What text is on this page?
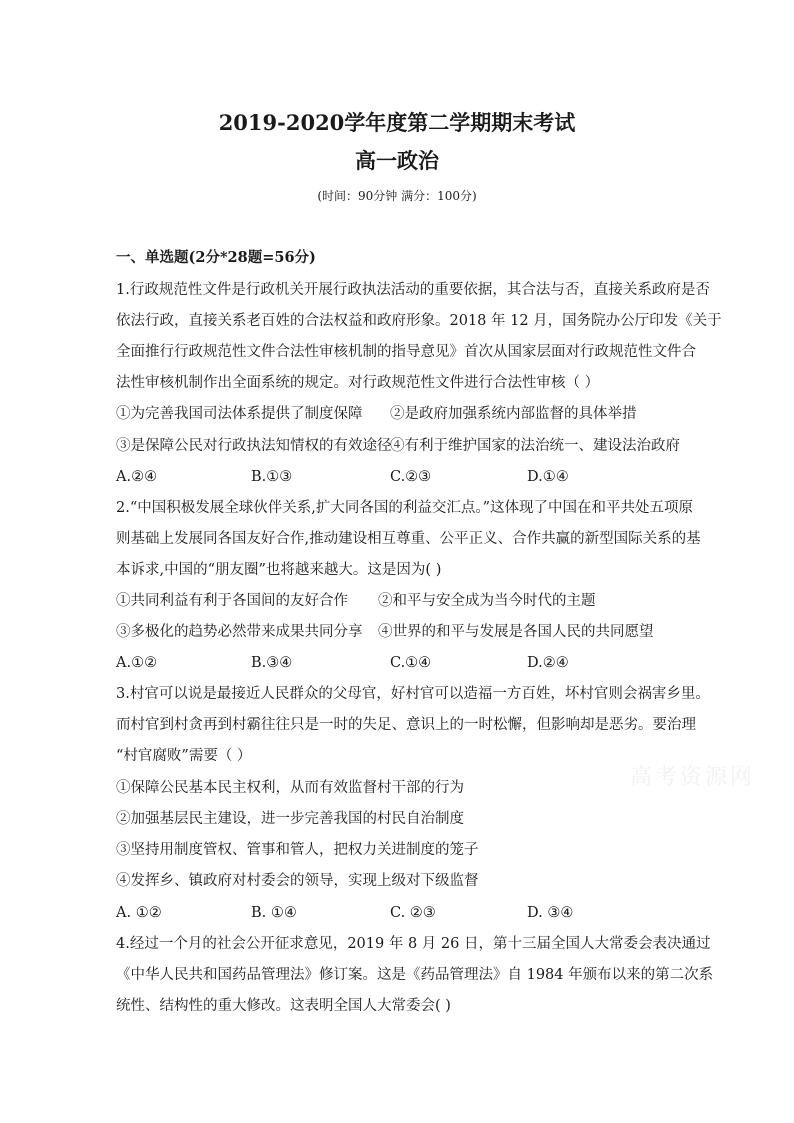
2019-2020学年度第二学期期末考试
高一政治
(时间：90分钟 满分：100分)
一、单选题(2分*28题=56分)
1.行政规范性文件是行政机关开展行政执法活动的重要依据，其合法与否，直接关系政府是否
依法行政，直接关系老百姓的合法权益和政府形象。2018 年 12 月，国务院办公厅印发《关于
全面推行行政规范性文件合法性审核机制的指导意见》首次从国家层面对行政规范性文件合
法性审核机制作出全面系统的规定。对行政规范性文件进行合法性审核（ ）
①为完善我国司法体系提供了制度保障 ②是政府加强系统内部监督的具体举措
③是保障公民对行政执法知情权的有效途径
④有利于维护国家的法治统一、建设法治政府
A.②④	B.①③	C.②③	D.①④
2.“中国积极发展全球伙伴关系,扩大同各国的利益交汇点。”这体现了中国在和平共处五项原
则基础上发展同各国友好合作,推动建设相互尊重、公平正义、合作共赢的新型国际关系的基
本诉求,中国的“朋友圈”也将越来越大。这是因为( )
①共同利益有利于各国间的友好合作 ②和平与安全成为当今时代的主题
③多极化的趋势必然带来成果共同分享 ④世界的和平与发展是各国人民的共同愿望
A.①②	B.③④	C.①④	D.②④
3.村官可以说是最接近人民群众的父母官，好村官可以造福一方百姓，坏村官则会祸害乡里。
而村官到村贪再到村霸往往只是一时的失足、意识上的一时松懈，但影响却是恶劣。要治理
“村官腐败”需要（ ）
①保障公民基本民主权利，从而有效监督村干部的行为
②加强基层民主建设，进一步完善我国的村民自治制度
③坚持用制度管权、管事和管人，把权力关进制度的笼子
④发挥乡、镇政府对村委会的领导，实现上级对下级监督
A. ①②	B. ①④	C. ②③	D. ③④
4.经过一个月的社会公开征求意见，2019 年 8 月 26 日，第十三届全国人大常委会表决通过
《中华人民共和国药品管理法》修订案。这是《药品管理法》自 1984 年颁布以来的第二次系
统性、结构性的重大修改。这表明全国人大常委会( )
高考资源网
